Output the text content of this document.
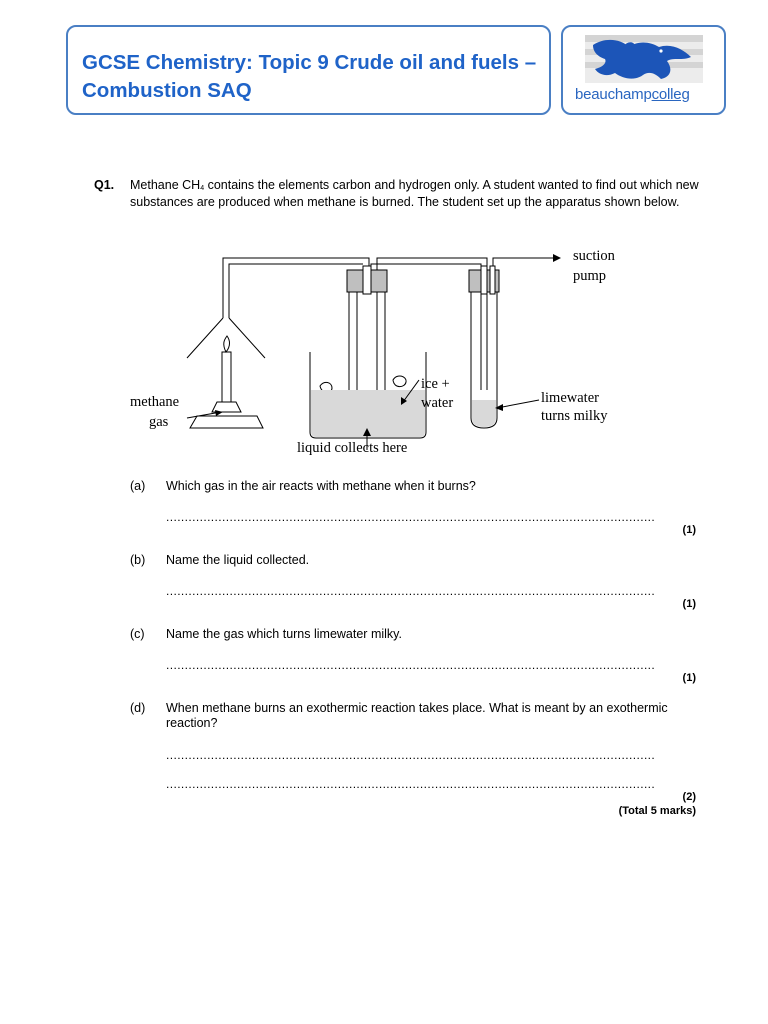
GCSE Chemistry: Topic 9 Crude oil and fuels – Combustion SAQ	beauchampcolleg
Q1. Methane $CH_4$ contains the elements carbon and hydrogen only. A student wanted to find out which new substances are produced when methane is burned. The student set up the apparatus shown below.
suction
pump
methane
gas
ice +
water	limewater
turns milky
liquid collects here
(a) Which gas in the air reacts with methane when it burns?
...................................................................................................................................
(1)
(b) Name the liquid collected.
...................................................................................................................................
(1)
(c) Name the gas which turns limewater milky.
...................................................................................................................................
(1)
(d) When methane burns an exothermic reaction takes place. What is meant by an exothermic reaction?
...................................................................................................................................
...................................................................................................................................
(2)
(Total 5 marks)
